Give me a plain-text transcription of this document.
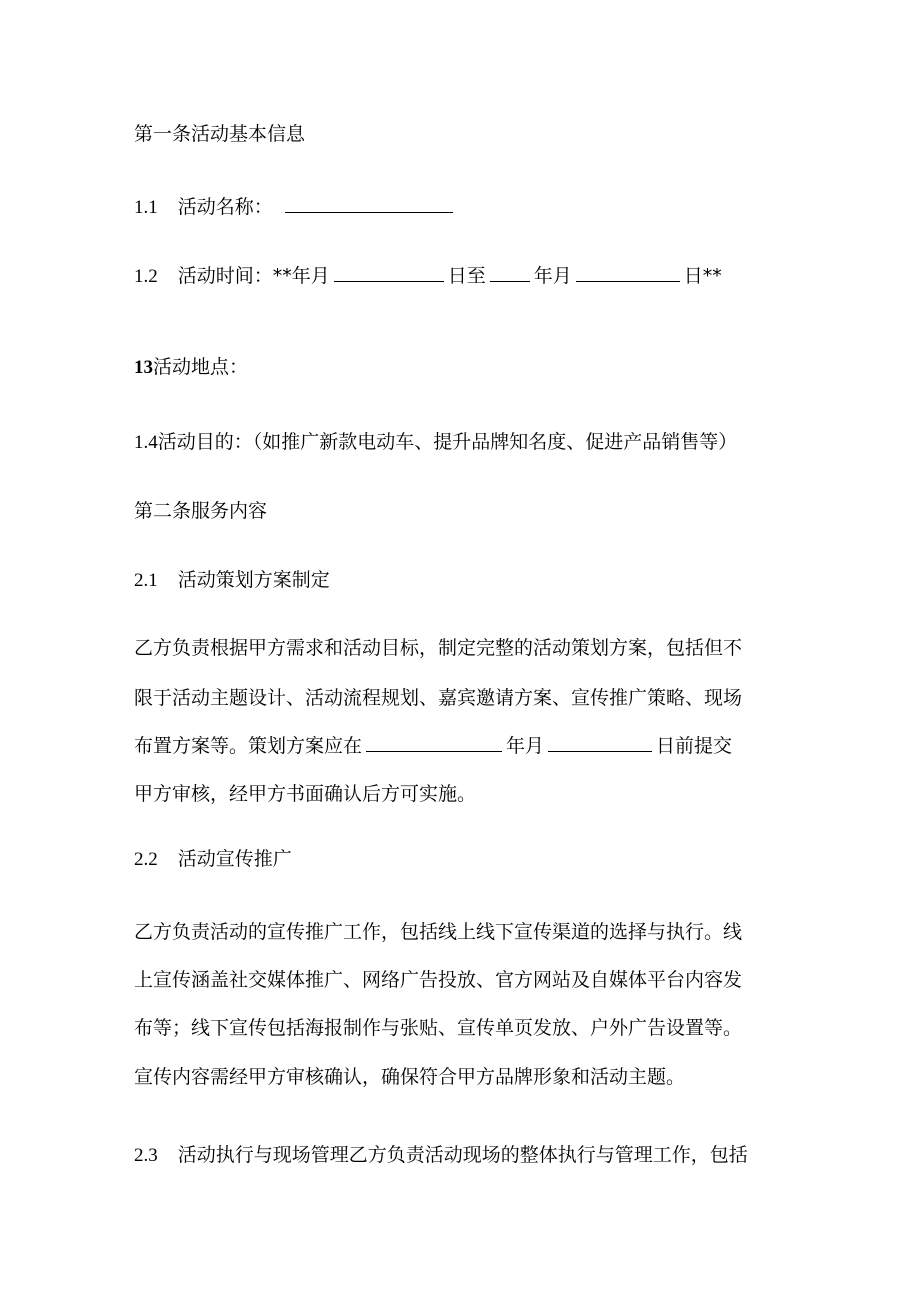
第一条活动基本信息
1.1 活动名称：
1.2 活动时间：**年月	日至	年月	日**
13活动地点：
1.4活动目的：（如推广新款电动车、提升品牌知名度、促进产品销售等）
第二条服务内容
2.1 活动策划方案制定
乙方负责根据甲方需求和活动目标，制定完整的活动策划方案，包括但不
限于活动主题设计、活动流程规划、嘉宾邀请方案、宣传推广策略、现场
布置方案等。策划方案应在	年月	日前提交
甲方审核，经甲方书面确认后方可实施。
2.2 活动宣传推广
乙方负责活动的宣传推广工作，包括线上线下宣传渠道的选择与执行。线
上宣传涵盖社交媒体推广、网络广告投放、官方网站及自媒体平台内容发
布等；线下宣传包括海报制作与张贴、宣传单页发放、户外广告设置等。
宣传内容需经甲方审核确认，确保符合甲方品牌形象和活动主题。
2.3 活动执行与现场管理乙方负责活动现场的整体执行与管理工作，包括
